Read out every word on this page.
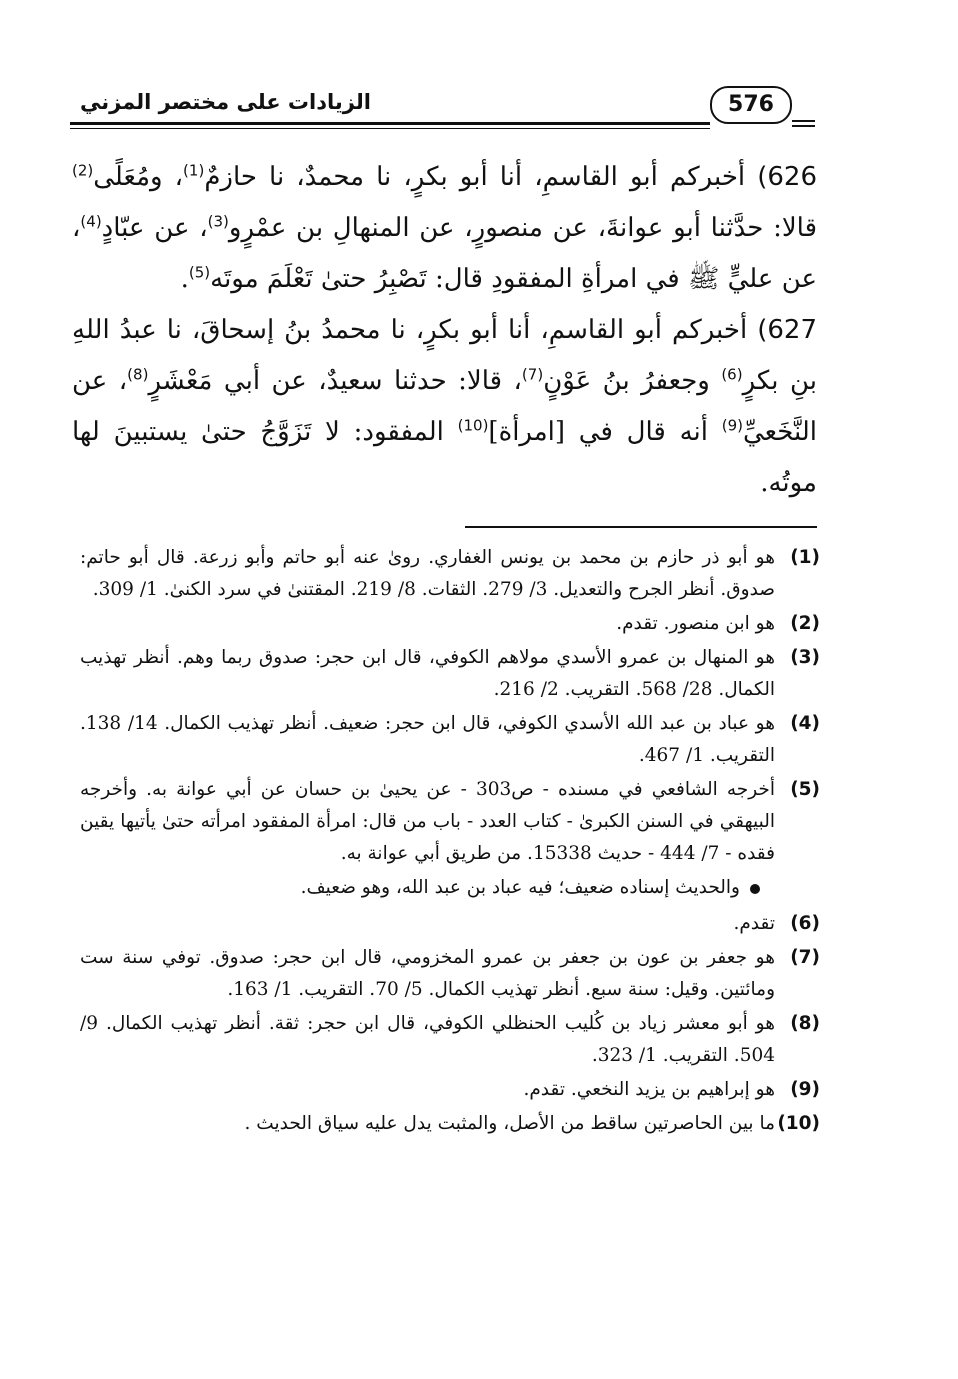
الزيادات على مختصر المزني	576

626) أخبركم أبو القاسمِ، أنا أبو بكرٍ، نا محمدٌ، نا حازمٌ$^{(1)}$، ومُعَلًى$^{(2)}$ قالا: حدَّثنا أبو عوانةَ، عن منصورٍ، عن المنهالِ بن عمْرٍو$^{(3)}$، عن عبّادٍ$^{(4)}$، عن عليٍّ ﷺ في امرأةِ المفقودِ قال: تَصْبِرُ حتىٰ تَعْلَمَ موتَه$^{(5)}$.

627) أخبركم أبو القاسمِ، أنا أبو بكرٍ، نا محمدُ بنُ إسحاقَ، نا عبدُ اللهِ بنِ بكرٍ$^{(6)}$ وجعفرُ بنُ عَوْنٍ$^{(7)}$، قالا: حدثنا سعيدٌ، عن أبي مَعْشَرٍ$^{(8)}$، عن النَّخَعيِّ$^{(9)}$ أنه قال في [امرأة]$^{(10)}$ المفقود: لا تَزَوَّجُ حتىٰ يستبينَ لها موتُه.

(1)
هو أبو ذر حازم بن محمد بن يونس الغفاري. روىٰ عنه أبو حاتم وأبو زرعة. قال أبو حاتم: صدوق. أنظر الجرح والتعديل. 3/ 279. الثقات. 8/ 219. المقتنىٰ في سرد الكنىٰ. 1/ 309.
(2)
هو ابن منصور. تقدم.
(3)
هو المنهال بن عمرو الأسدي مولاهم الكوفي، قال ابن حجر: صدوق ربما وهم. أنظر تهذيب الكمال. 28/ 568. التقريب. 2/ 216.
(4)
هو عباد بن عبد الله الأسدي الكوفي، قال ابن حجر: ضعيف. أنظر تهذيب الكمال. 14/ 138. التقريب. 1/ 467.
(5)
أخرجه الشافعي في مسنده - ص303 - عن يحيىٰ بن حسان عن أبي عوانة به. وأخرجه البيهقي في السنن الكبرىٰ - كتاب العدد - باب من قال: امرأة المفقود امرأته حتىٰ يأتيها يقين فقده - 7/ 444 - حديث 15338. من طريق أبي عوانة به.
والحديث إسناده ضعيف؛ فيه عباد بن عبد الله، وهو ضعيف.
(6)
تقدم.
(7)
هو جعفر بن عون بن جعفر بن عمرو المخزومي، قال ابن حجر: صدوق. توفي سنة ست ومائتين. وقيل: سنة سبع. أنظر تهذيب الكمال. 5/ 70. التقريب. 1/ 163.
(8)
هو أبو معشر زياد بن كُليب الحنظلي الكوفي، قال ابن حجر: ثقة. أنظر تهذيب الكمال. 9/ 504. التقريب. 1/ 323.
(9)
هو إبراهيم بن يزيد النخعي. تقدم.
(10)
ما بين الحاصرتين ساقط من الأصل، والمثبت يدل عليه سياق الحديث .
